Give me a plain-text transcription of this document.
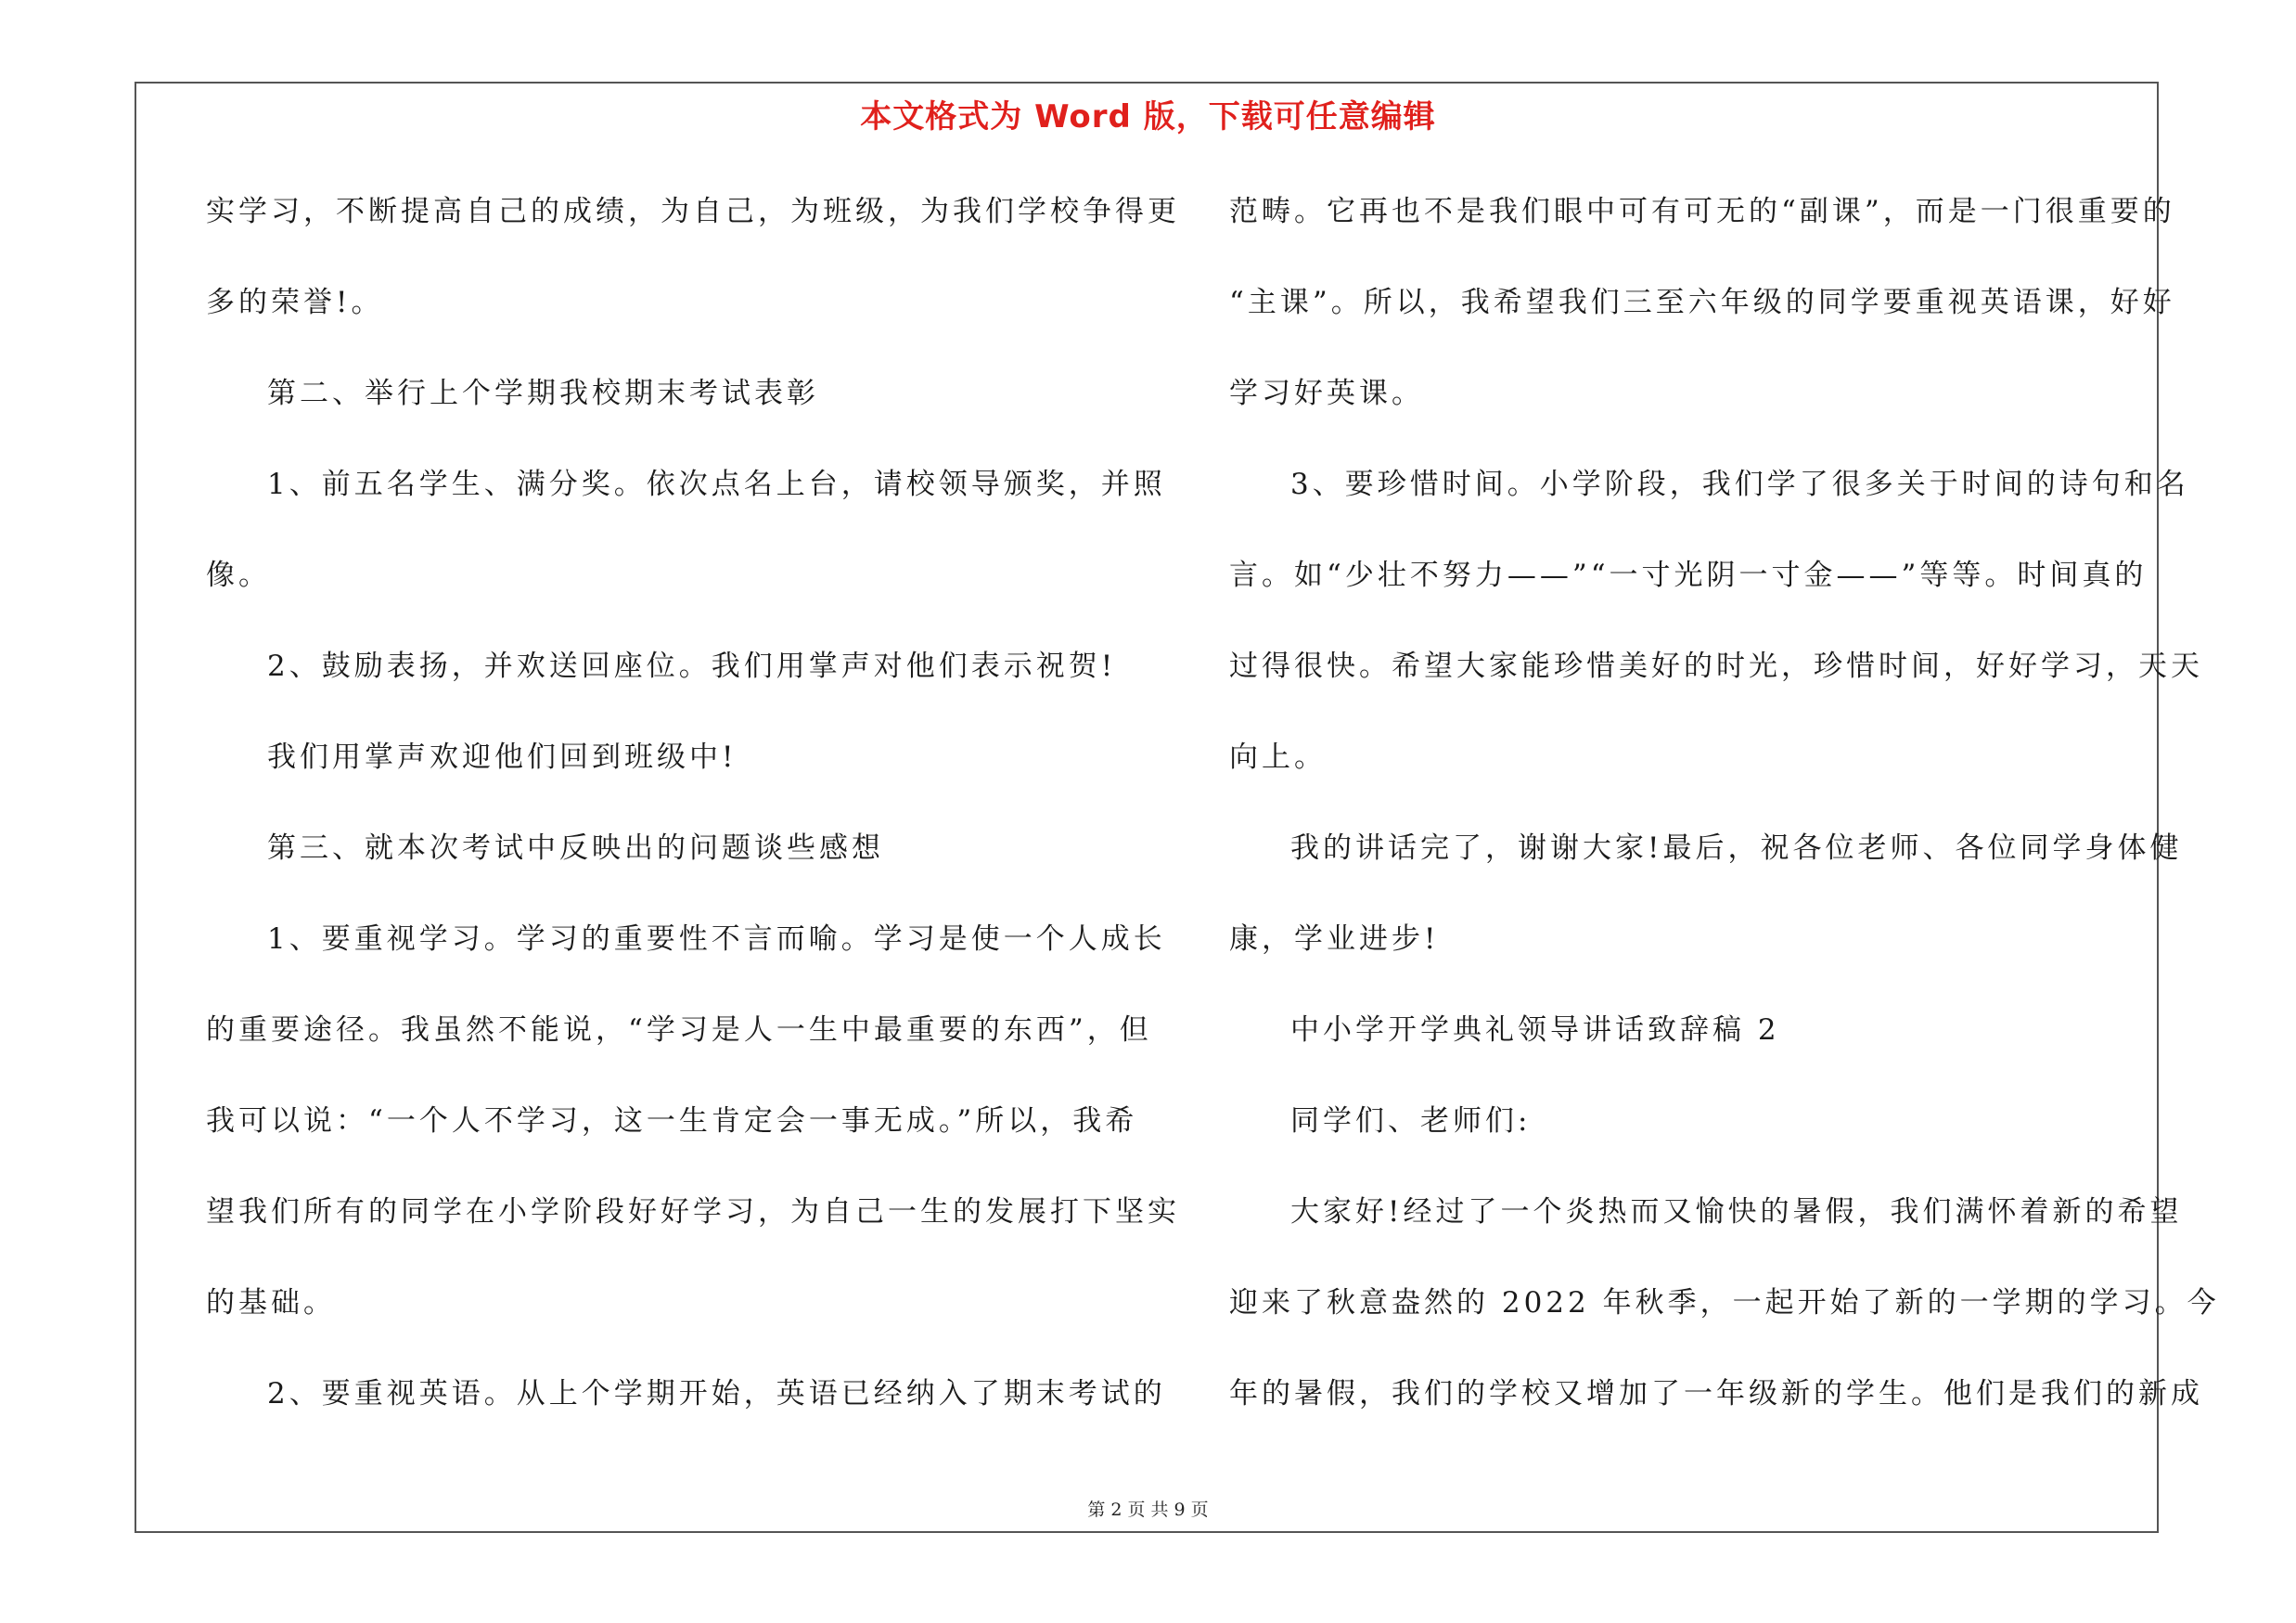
本文格式为 Word 版，下载可任意编辑
实学习，不断提高自己的成绩，为自己，为班级，为我们学校争得更
多的荣誉!。
第二、举行上个学期我校期末考试表彰
1、前五名学生、满分奖。依次点名上台，请校领导颁奖，并照
像。
2、鼓励表扬，并欢送回座位。我们用掌声对他们表示祝贺!
我们用掌声欢迎他们回到班级中!
第三、就本次考试中反映出的问题谈些感想
1、要重视学习。学习的重要性不言而喻。学习是使一个人成长
的重要途径。我虽然不能说，“学习是人一生中最重要的东西”，但
我可以说：“一个人不学习，这一生肯定会一事无成。”所以，我希
望我们所有的同学在小学阶段好好学习，为自己一生的发展打下坚实
的基础。
2、要重视英语。从上个学期开始，英语已经纳入了期末考试的
范畴。它再也不是我们眼中可有可无的“副课”，而是一门很重要的
“主课”。所以，我希望我们三至六年级的同学要重视英语课，好好
学习好英课。
3、要珍惜时间。小学阶段，我们学了很多关于时间的诗句和名
言。如“少壮不努力——”“一寸光阴一寸金——”等等。时间真的
过得很快。希望大家能珍惜美好的时光，珍惜时间，好好学习，天天
向上。
我的讲话完了，谢谢大家!最后，祝各位老师、各位同学身体健
康，学业进步!
中小学开学典礼领导讲话致辞稿 2
同学们、老师们:
大家好!经过了一个炎热而又愉快的暑假，我们满怀着新的希望
迎来了秋意盎然的 2022 年秋季，一起开始了新的一学期的学习。今
年的暑假，我们的学校又增加了一年级新的学生。他们是我们的新成
第 2 页 共 9 页
